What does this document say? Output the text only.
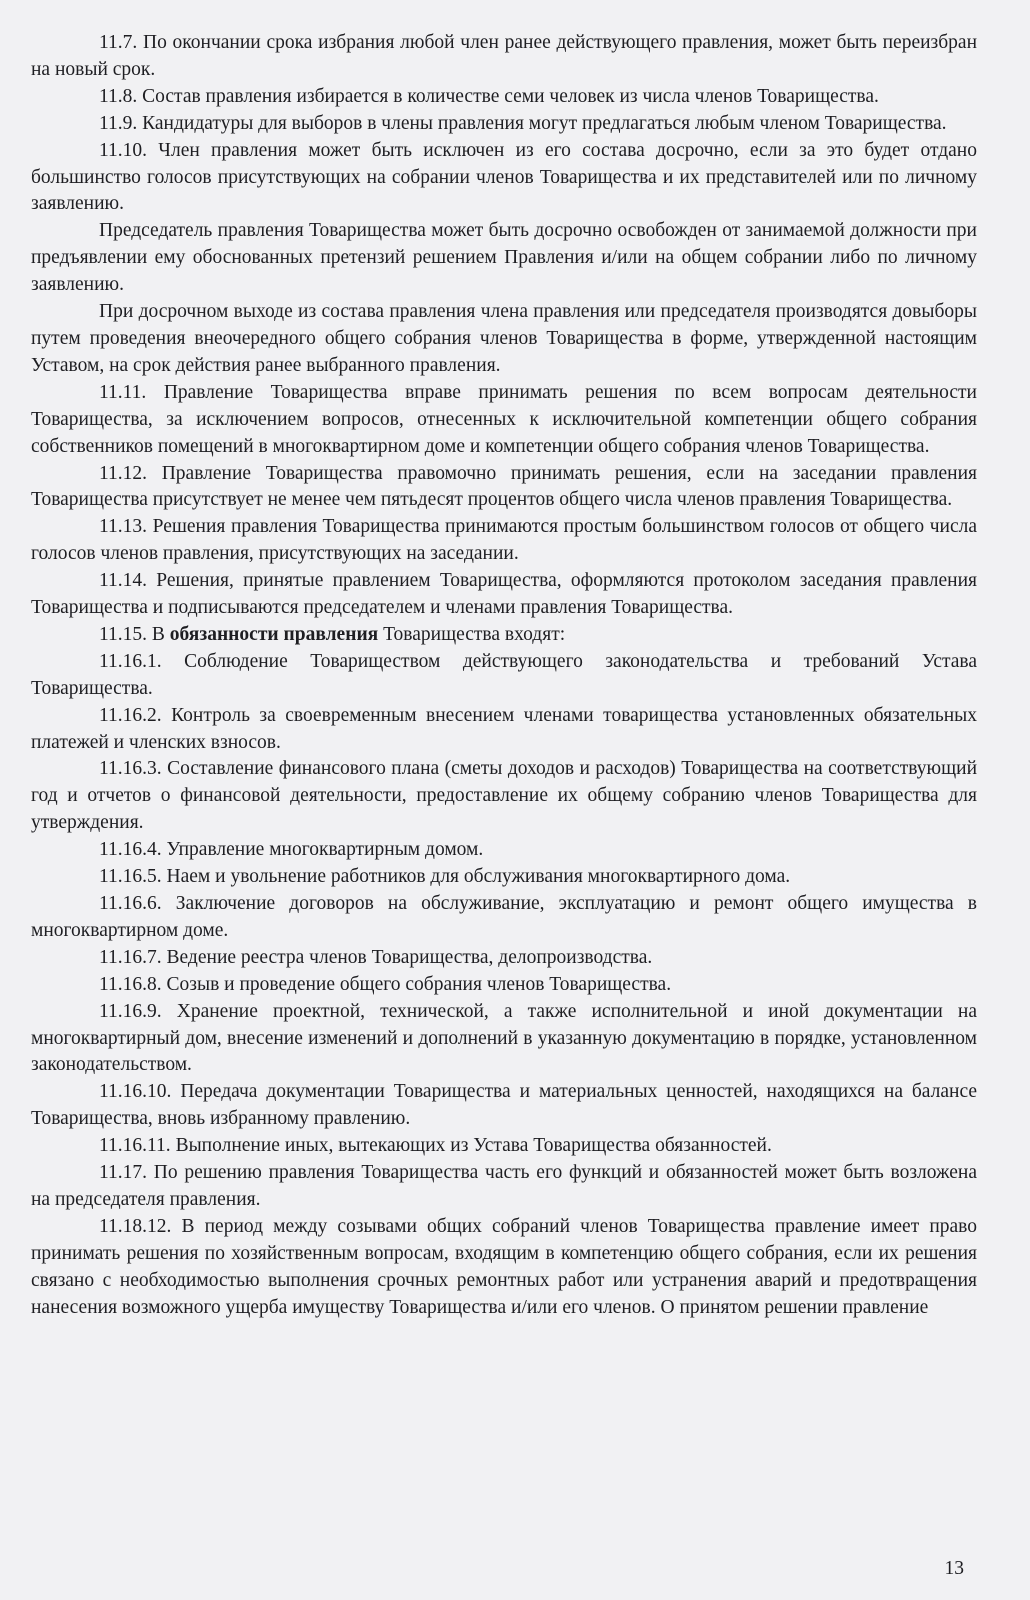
11.7. По окончании срока избрания любой член ранее действующего правления, может быть переизбран на новый срок.

11.8. Состав правления избирается в количестве семи человек из числа членов Товарищества.

11.9. Кандидатуры для выборов в члены правления могут предлагаться любым членом Товарищества.

11.10. Член правления может быть исключен из его состава досрочно, если за это будет отдано большинство голосов присутствующих на собрании членов Товарищества и их представителей или по личному заявлению.

Председатель правления Товарищества может быть досрочно освобожден от занимаемой должности при предъявлении ему обоснованных претензий решением Правления и/или на общем собрании либо по личному заявлению.

При досрочном выходе из состава правления члена правления или председателя производятся довыборы путем проведения внеочередного общего собрания членов Товарищества в форме, утвержденной настоящим Уставом, на срок действия ранее выбранного правления.

11.11. Правление Товарищества вправе принимать решения по всем вопросам деятельности Товарищества, за исключением вопросов, отнесенных к исключительной компетенции общего собрания собственников помещений в многоквартирном доме и компетенции общего собрания членов Товарищества.

11.12. Правление Товарищества правомочно принимать решения, если на заседании правления Товарищества присутствует не менее чем пятьдесят процентов общего числа членов правления Товарищества.

11.13. Решения правления Товарищества принимаются простым большинством голосов от общего числа голосов членов правления, присутствующих на заседании.

11.14. Решения, принятые правлением Товарищества, оформляются протоколом заседания правления Товарищества и подписываются председателем и членами правления Товарищества.

11.15. В обязанности правления Товарищества входят:

11.16.1. Соблюдение Товариществом действующего законодательства и требований Устава Товарищества.

11.16.2. Контроль за своевременным внесением членами товарищества установленных обязательных платежей и членских взносов.

11.16.3. Составление финансового плана (сметы доходов и расходов) Товарищества на соответствующий год и отчетов о финансовой деятельности, предоставление их общему собранию членов Товарищества для утверждения.

11.16.4. Управление многоквартирным домом.

11.16.5. Наем и увольнение работников для обслуживания многоквартирного дома.

11.16.6. Заключение договоров на обслуживание, эксплуатацию и ремонт общего имущества в многоквартирном доме.

11.16.7. Ведение реестра членов Товарищества, делопроизводства.

11.16.8. Созыв и проведение общего собрания членов Товарищества.

11.16.9. Хранение проектной, технической, а также исполнительной и иной документации на многоквартирный дом, внесение изменений и дополнений в указанную документацию в порядке, установленном законодательством.

11.16.10. Передача документации Товарищества и материальных ценностей, находящихся на балансе Товарищества, вновь избранному правлению.

11.16.11. Выполнение иных, вытекающих из Устава Товарищества обязанностей.

11.17. По решению правления Товарищества часть его функций и обязанностей может быть возложена на председателя правления.

11.18.12. В период между созывами общих собраний членов Товарищества правление имеет право принимать решения по хозяйственным вопросам, входящим в компетенцию общего собрания, если их решения связано с необходимостью выполнения срочных ремонтных работ или устранения аварий и предотвращения нанесения возможного ущерба имуществу Товарищества и/или его членов. О принятом решении правление

13
